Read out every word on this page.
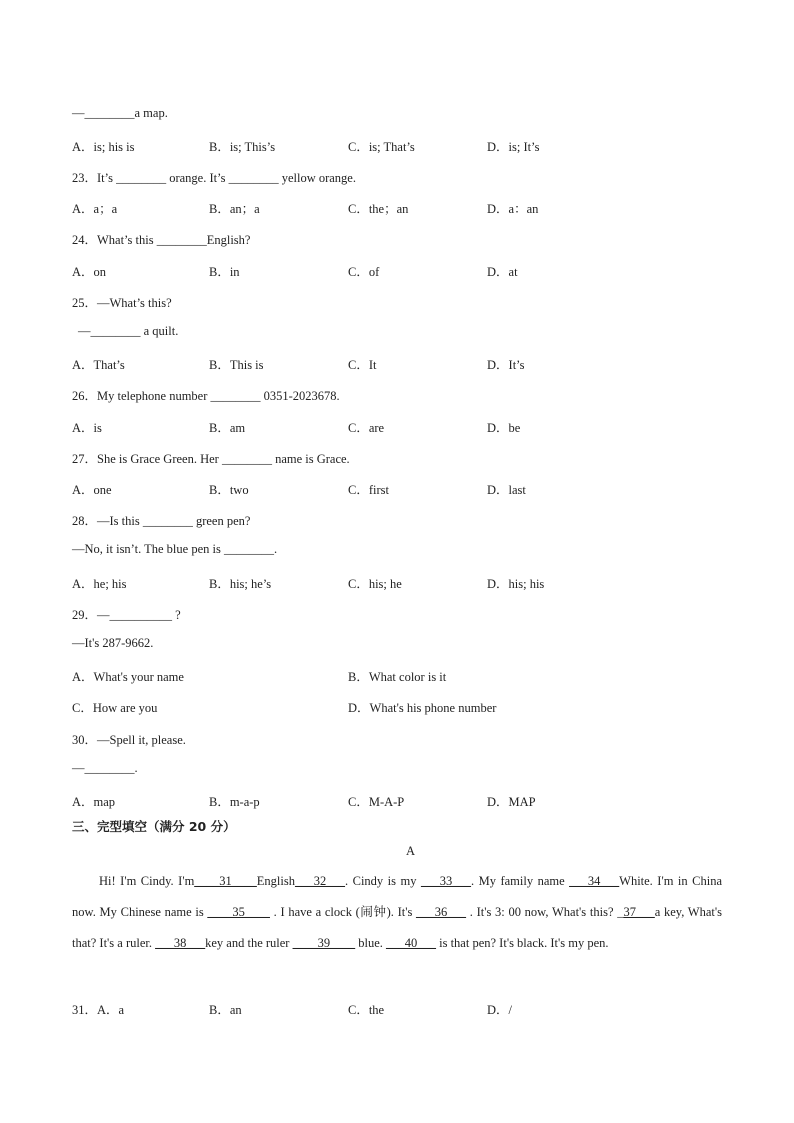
—________a map.
A．is; his is	B．is; This’s	C．is; That’s	D．is; It’s
23．It’s ________ orange. It’s ________ yellow orange.
A．a；a	B．an；a	C．the；an	D．a：an
24．What’s this ________English?
A．on	B．in	C．of	D．at
25．—What’s this?
—________ a quilt.
A．That’s	B．This is	C．It	D．It’s
26．My telephone number ________ 0351-2023678.
A．is	B．am	C．are	D．be
27．She is Grace Green. Her ________ name is Grace.
A．one	B．two	C．first	D．last
28．—Is this ________ green pen?
—No, it isn’t. The blue pen is ________.
A．he; his	B．his; he’s	C．his; he	D．his; his
29．—__________ ?
—It's 287-9662.
A．What's your name	B．What color is it
C．How are you	D．What's his phone number
30．—Spell it, please.
—________.
A．map	B．m-a-p	C．M-A-P	D．MAP
三、完型填空（满分 20 分）
A
Hi! I'm Cindy. I'm____31____English___32___. Cindy is my ___33___. My family name ___34___White. I'm in China now. My Chinese name is ____35____ . I have a clock (闹钟). It's ___36___ . It's 3: 00 now, What's this? _37___a key, What's that? It's a ruler. ___38___key and the ruler ____39____ blue. ___40___ is that pen? It's black. It's my pen.
31．A．a	B．an	C．the	D．/
